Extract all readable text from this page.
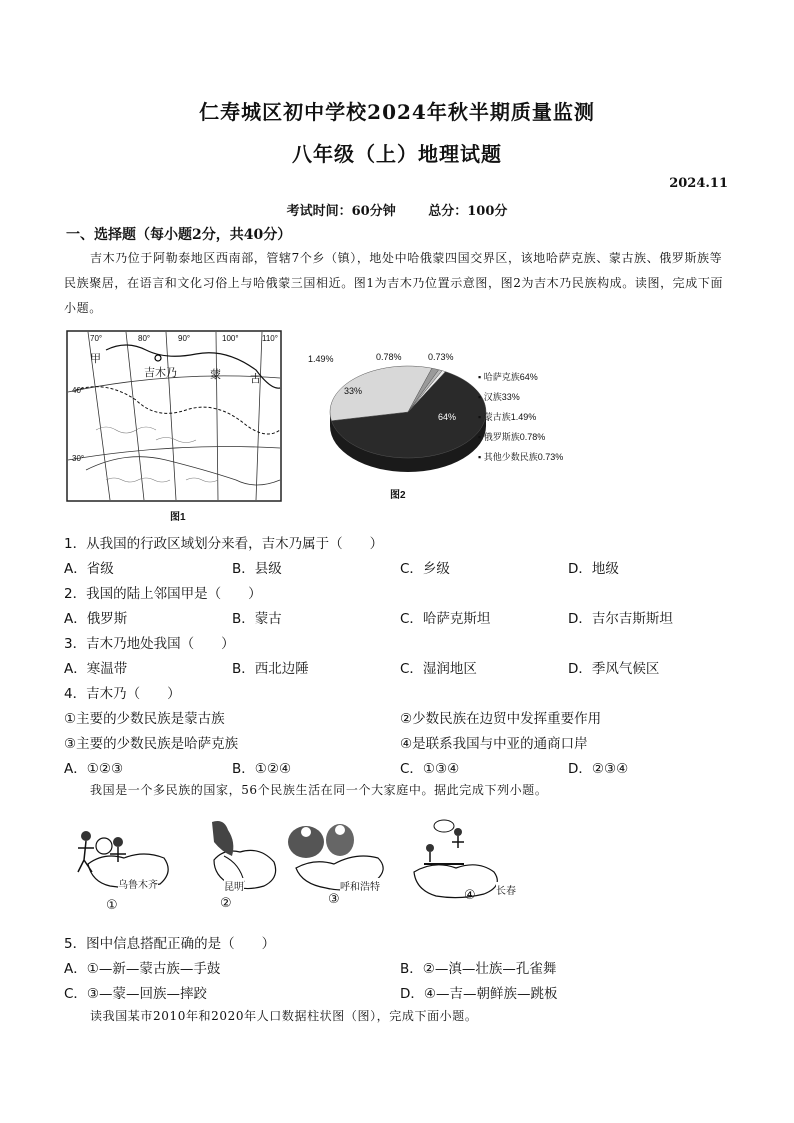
仁寿城区初中学校2024年秋半期质量监测
八年级（上）地理试题
2024.11
考试时间：60分钟	总分：100分
一、选择题（每小题2分，共40分）
吉木乃位于阿勒泰地区西南部，管辖7个乡（镇），地处中哈俄蒙四国交界区，该地哈萨克族、蒙古族、俄罗斯族等民族聚居，在语言和文化习俗上与哈俄蒙三国相近。图1为吉木乃位置示意图，图2为吉木乃民族构成。读图，完成下面小题。
70°	80°	90°	100°	110°
40°
30°
甲
吉木乃	蒙	古
图1
1.49%	0.78%	0.73%
33%
64%
▪ 哈萨克族64%
▪ 汉族33%
▪ 蒙古族1.49%
▪ 俄罗斯族0.78%
▪ 其他少数民族0.73%
图2
1．从我国的行政区域划分来看，吉木乃属于（　　）
A．省级	B．县级	C．乡级	D．地级
2．我国的陆上邻国甲是（　　）
A．俄罗斯	B．蒙古	C．哈萨克斯坦	D．吉尔吉斯斯坦
3．吉木乃地处我国（　　）
A．寒温带	B．西北边陲	C．湿润地区	D．季风气候区
4．吉木乃（　　）
①主要的少数民族是蒙古族	②少数民族在边贸中发挥重要作用
③主要的少数民族是哈萨克族	④是联系我国与中亚的通商口岸
A．①②③	B．①②④	C．①③④	D．②③④
我国是一个多民族的国家，56个民族生活在同一个大家庭中。据此完成下列小题。
乌鲁木齐	昆明	呼和浩特	长春
①	②	③	④
5．图中信息搭配正确的是（　　）
A．①—新—蒙古族—手鼓	B．②—滇—壮族—孔雀舞
C．③—蒙—回族—摔跤	D．④—吉—朝鲜族—跳板
读我国某市2010年和2020年人口数据柱状图（图），完成下面小题。
